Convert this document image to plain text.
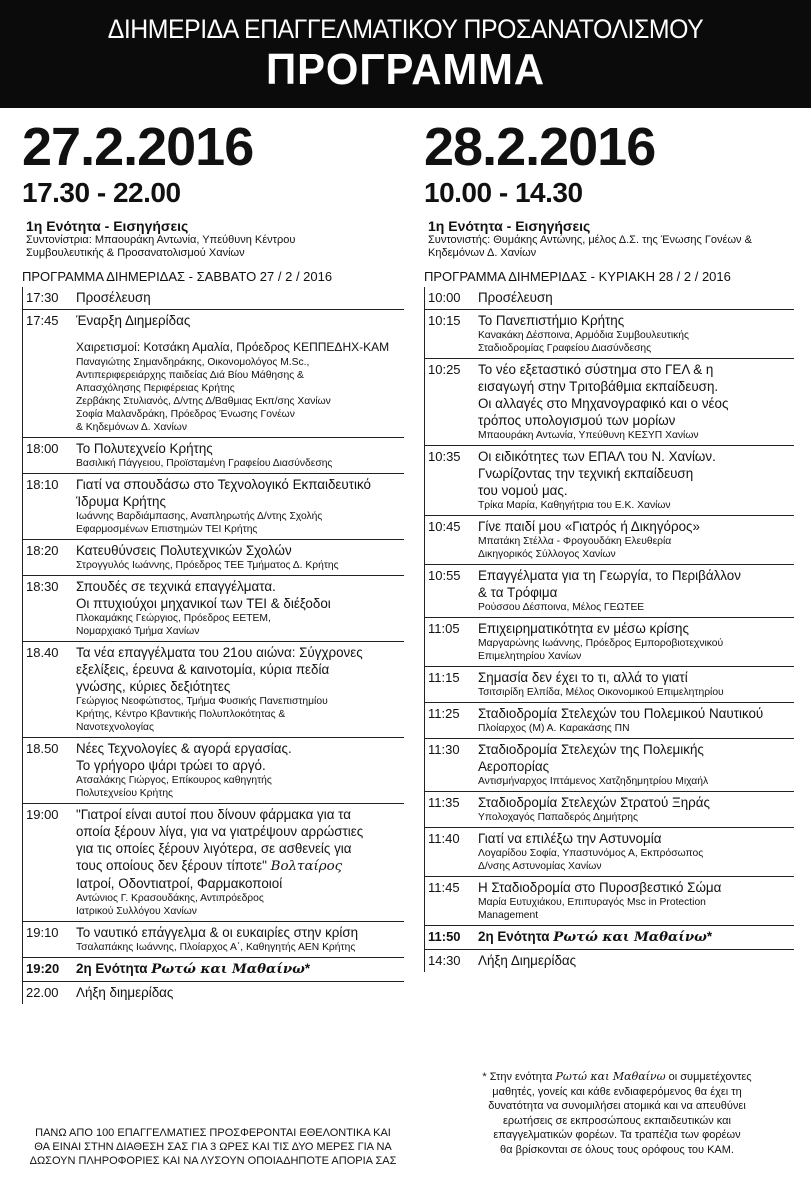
ΔΙΗΜΕΡΙΔΑ ΕΠΑΓΓΕΛΜΑΤΙΚΟΥ ΠΡΟΣΑΝΑΤΟΛΙΣΜΟΥ
ΠΡΟΓΡΑΜΜΑ
27.2.2016
17.30 - 22.00
1η Ενότητα - Εισηγήσεις
Συντονίστρια: Μπαουράκη Αντωνία, Υπεύθυνη Κέντρου
Συμβουλευτικής & Προσανατολισμού Χανίων
ΠΡΟΓΡΑΜΜΑ ΔΙΗΜΕΡΙΔΑΣ - ΣΑΒΒΑΤΟ 27 / 2 / 2016
17:30	Προσέλευση
17:45	Έναρξη Διημερίδας

Χαιρετισμοί: Κοτσάκη Αμαλία, Πρόεδρος ΚΕΠΠΕΔΗΧ-ΚΑΜ
Παναγιώτης Σημανδηράκης, Οικονομολόγος M.Sc.,
Αντιπεριφερειάρχης παιδείας Διά Βίου Μάθησης &
Απασχόλησης Περιφέρειας Κρήτης
Ζερβάκης Στυλιανός, Δ/ντης Δ/Βαθμιας Εκπ/σης Χανίων
Σοφία Μαλανδράκη, Πρόεδρος Ένωσης Γονέων
& Κηδεμόνων Δ. Χανίων
18:00	Το Πολυτεχνείο Κρήτης
Βασιλική Πάγγειου, Προϊσταμένη Γραφείου Διασύνδεσης
18:10	Γιατί να σπουδάσω στο Τεχνολογικό Εκπαιδευτικό
Ίδρυμα Κρήτης
Ιωάννης Βαρδιάμπασης, Αναπληρωτής Δ/ντης Σχολής
Εφαρμοσμένων Επιστημών ΤΕΙ Κρήτης
18:20	Κατευθύνσεις Πολυτεχνικών Σχολών
Στρογγυλός Ιωάννης, Πρόεδρος ΤΕΕ Τμήματος Δ. Κρήτης
18:30	Σπουδές σε τεχνικά επαγγέλματα.
Οι πτυχιούχοι μηχανικοί των ΤΕΙ & διέξοδοι
Πλοκαμάκης Γεώργιος, Πρόεδρος ΕΕΤΕΜ,
Νομαρχιακό Τμήμα Χανίων
18.40	Τα νέα επαγγέλματα του 21ου αιώνα: Σύγχρονες
εξελίξεις, έρευνα & καινοτομία, κύρια πεδία
γνώσης, κύριες δεξιότητες
Γεώργιος Νεοφώτιστος, Τμήμα Φυσικής Πανεπιστημίου
Κρήτης, Κέντρο Κβαντικής Πολυπλοκότητας &
Νανοτεχνολογίας
18.50	Νέες Τεχνολογίες & αγορά εργασίας.
Το γρήγορο ψάρι τρώει το αργό.
Ατσαλάκης Γιώργος, Επίκουρος καθηγητής
Πολυτεχνείου Κρήτης
19:00	"Γιατροί είναι αυτοί που δίνουν φάρμακα για τα
οποία ξέρουν λίγα, για να γιατρέψουν αρρώστιες
για τις οποίες ξέρουν λιγότερα, σε ασθενείς για
τους οποίους δεν ξέρουν τίποτε" Βολταίρος
Ιατροί, Οδοντιατροί, Φαρμακοποιοί
Αντώνιος Γ. Κρασουδάκης, Αντιπρόεδρος
Ιατρικού Συλλόγου Χανίων
19:10	Το ναυτικό επάγγελμα & οι ευκαιρίες στην κρίση
Τσαλαπάκης Ιωάννης, Πλοίαρχος Α΄, Καθηγητής ΑΕΝ Κρήτης
19:20	2η Ενότητα Ρωτώ και Μαθαίνω*
22.00	Λήξη διημερίδας
28.2.2016
10.00 - 14.30
1η Ενότητα - Εισηγήσεις
Συντονιστής: Θυμάκης Αντώνης, μέλος Δ.Σ. της Ένωσης Γονέων &
Κηδεμόνων Δ. Χανίων
ΠΡΟΓΡΑΜΜΑ ΔΙΗΜΕΡΙΔΑΣ - ΚΥΡΙΑΚΗ 28 / 2 / 2016
10:00	Προσέλευση
10:15	Το Πανεπιστήμιο Κρήτης
Κανακάκη Δέσποινα, Αρμόδια Συμβουλευτικής
Σταδιοδρομίας Γραφείου Διασύνδεσης
10:25	Το νέο εξεταστικό σύστημα στο ΓΕΛ & η
εισαγωγή στην Τριτοβάθμια εκπαίδευση.
Οι αλλαγές στο Μηχανογραφικό και ο νέος
τρόπος υπολογισμού των μορίων
Μπαουράκη Αντωνία, Υπεύθυνη ΚΕΣΥΠ Χανίων
10:35	Οι ειδικότητες των ΕΠΑΛ του Ν. Χανίων.
Γνωρίζοντας την τεχνική εκπαίδευση
του νομού μας.
Τρίκα Μαρία, Καθηγήτρια του Ε.Κ. Χανίων
10:45	Γίνε παιδί μου «Γιατρός ή Δικηγόρος»
Μπατάκη Στέλλα - Φρογουδάκη Ελευθερία
Δικηγορικός Σύλλογος Χανίων
10:55	Επαγγέλματα για τη Γεωργία, το Περιβάλλον
& τα Τρόφιμα
Ρούσσου Δέσποινα, Μέλος ΓΕΩΤΕΕ
11:05	Επιχειρηματικότητα εν μέσω κρίσης
Μαργαρώνης Ιωάννης, Πρόεδρος Εμποροβιοτεχνικού
Επιμελητηρίου Χανίων
11:15	Σημασία δεν έχει το τι, αλλά το γιατί
Τσιτσιρίδη Ελπίδα, Μέλος Οικονομικού Επιμελητηρίου
11:25	Σταδιοδρομία Στελεχών του Πολεμικού Ναυτικού
Πλοίαρχος (Μ) Α. Καρακάσης ΠΝ
11:30	Σταδιοδρομία Στελεχών της Πολεμικής
Αεροπορίας
Αντισμήναρχος Ιπτάμενος Χατζηδημητρίου Μιχαήλ
11:35	Σταδιοδρομία Στελεχών Στρατού Ξηράς
Υπολοχαγός Παπαδερός Δημήτρης
11:40	Γιατί να επιλέξω την Αστυνομία
Λογαρίδου Σοφία, Υπαστυνόμος Α, Εκπρόσωπος
Δ/νσης Αστυνομίας Χανίων
11:45	Η Σταδιοδρομία στο Πυροσβεστικό Σώμα
Μαρία Ευτυχιάκου, Επιπυραγός Msc in Protection
Management
11:50	2η Ενότητα Ρωτώ και Μαθαίνω*
14:30	Λήξη Διημερίδας
ΠΑΝΩ ΑΠΟ 100 ΕΠΑΓΓΕΛΜΑΤΙΕΣ ΠΡΟΣΦΕΡΟΝΤΑΙ ΕΘΕΛΟΝΤΙΚΑ ΚΑΙ
ΘΑ ΕΙΝΑΙ ΣΤΗΝ ΔΙΑΘΕΣΗ ΣΑΣ ΓΙΑ 3 ΩΡΕΣ ΚΑΙ ΤΙΣ ΔΥΟ ΜΕΡΕΣ ΓΙΑ ΝΑ
ΔΩΣΟΥΝ ΠΛΗΡΟΦΟΡΙΕΣ ΚΑΙ ΝΑ ΛΥΣΟΥΝ ΟΠΟΙΑΔΗΠΟΤΕ ΑΠΟΡΙΑ ΣΑΣ
* Στην ενότητα Ρωτώ και Μαθαίνω οι συμμετέχοντες
μαθητές, γονείς και κάθε ενδιαφερόμενος θα έχει τη
δυνατότητα να συνομιλήσει ατομικά και να απευθύνει
ερωτήσεις σε εκπροσώπους εκπαιδευτικών και
επαγγελματικών φορέων. Τα τραπέζια των φορέων
θα βρίσκονται σε όλους τους ορόφους του ΚΑΜ.
